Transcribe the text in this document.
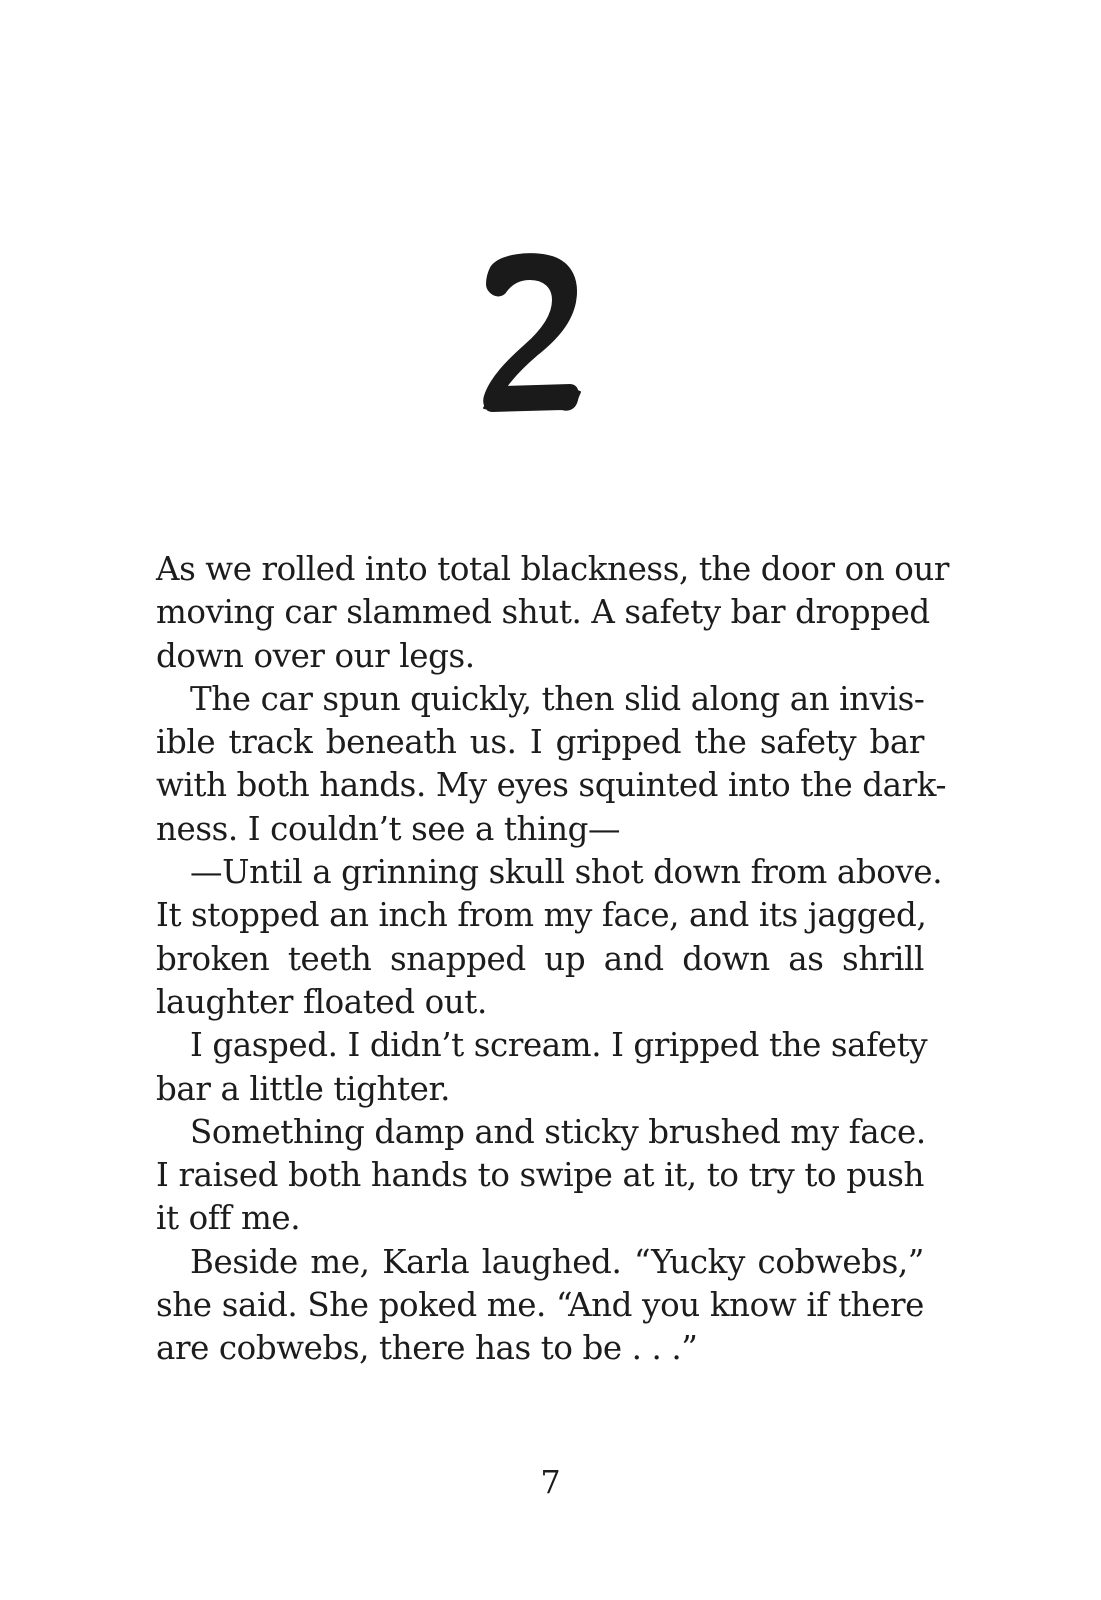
As we rolled into total blackness, the door on our
moving car slammed shut. A safety bar dropped
down over our legs.
The car spun quickly, then slid along an invis-
ible track beneath us. I gripped the safety bar
with both hands. My eyes squinted into the dark-
ness. I couldn’t see a thing—
—Until a grinning skull shot down from above.
It stopped an inch from my face, and its jagged,
broken teeth snapped up and down as shrill
laughter floated out.
I gasped. I didn’t scream. I gripped the safety
bar a little tighter.
Something damp and sticky brushed my face.
I raised both hands to swipe at it, to try to push
it off me.
Beside me, Karla laughed. “Yucky cobwebs,”
she said. She poked me. “And you know if there
are cobwebs, there has to be . . .”
7
